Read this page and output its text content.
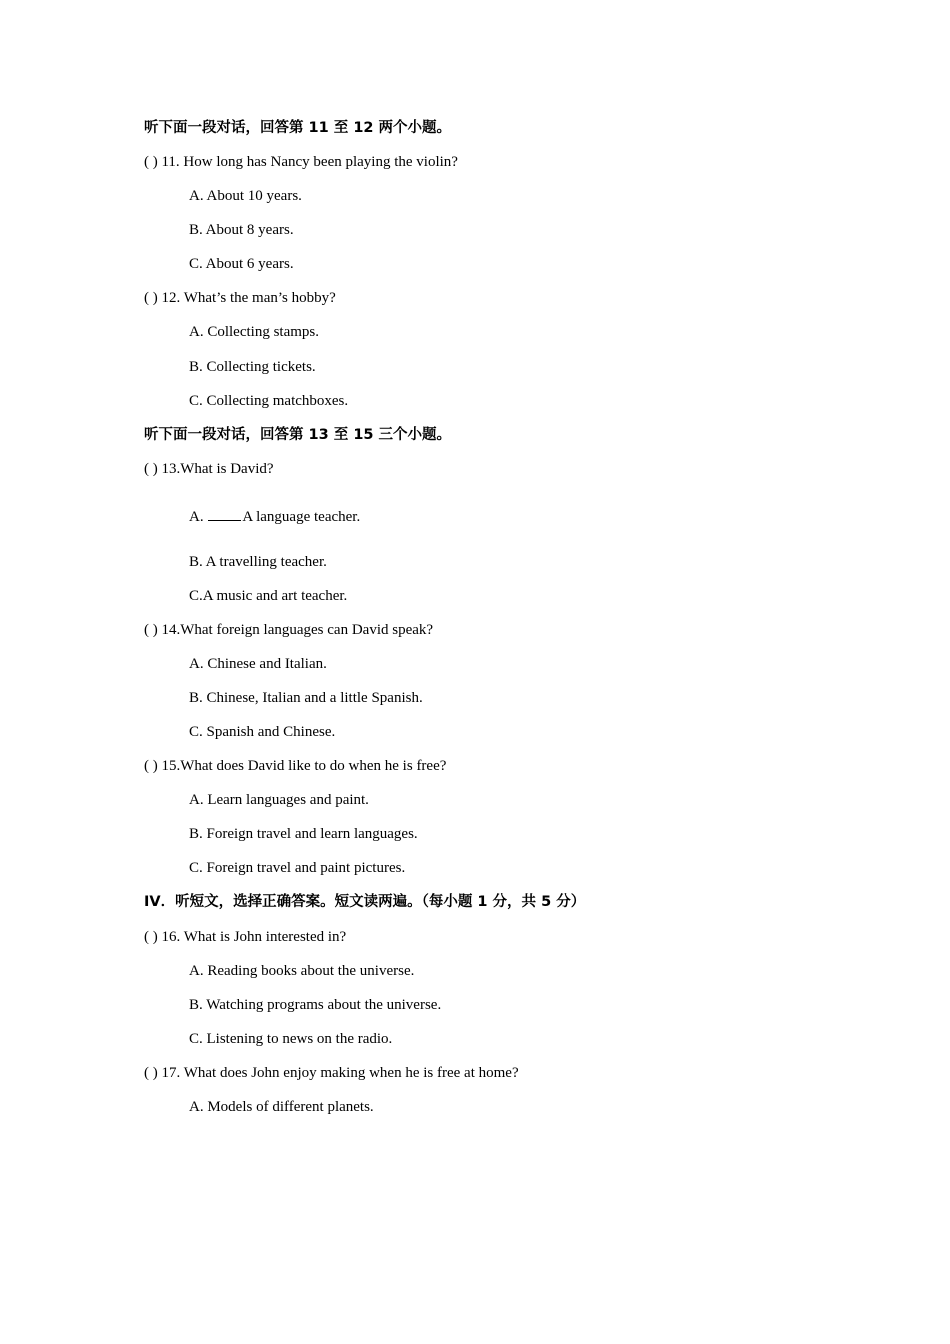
听下面一段对话，回答第 11 至 12 两个小题。
( ) 11. How long has Nancy been playing the violin?
A. About 10 years.
B. About 8 years.
C. About 6 years.
( ) 12. What’s the man’s hobby?
A. Collecting stamps.
B. Collecting tickets.
C. Collecting matchboxes.
听下面一段对话，回答第 13 至 15 三个小题。
( ) 13.What is David?
A.	A language teacher.
B. A travelling teacher.
C.A music and art teacher.
( ) 14.What foreign languages can David speak?
A. Chinese and Italian.
B. Chinese, Italian and a little Spanish.
C. Spanish and Chinese.
( ) 15.What does David like to do when he is free?
A. Learn languages and paint.
B. Foreign travel and learn languages.
C. Foreign travel and paint pictures.
IV．听短文，选择正确答案。短文读两遍。（每小题 1 分，共 5 分）
( ) 16. What is John interested in?
A. Reading books about the universe.
B. Watching programs about the universe.
C. Listening to news on the radio.
( ) 17. What does John enjoy making when he is free at home?
A. Models of different planets.
